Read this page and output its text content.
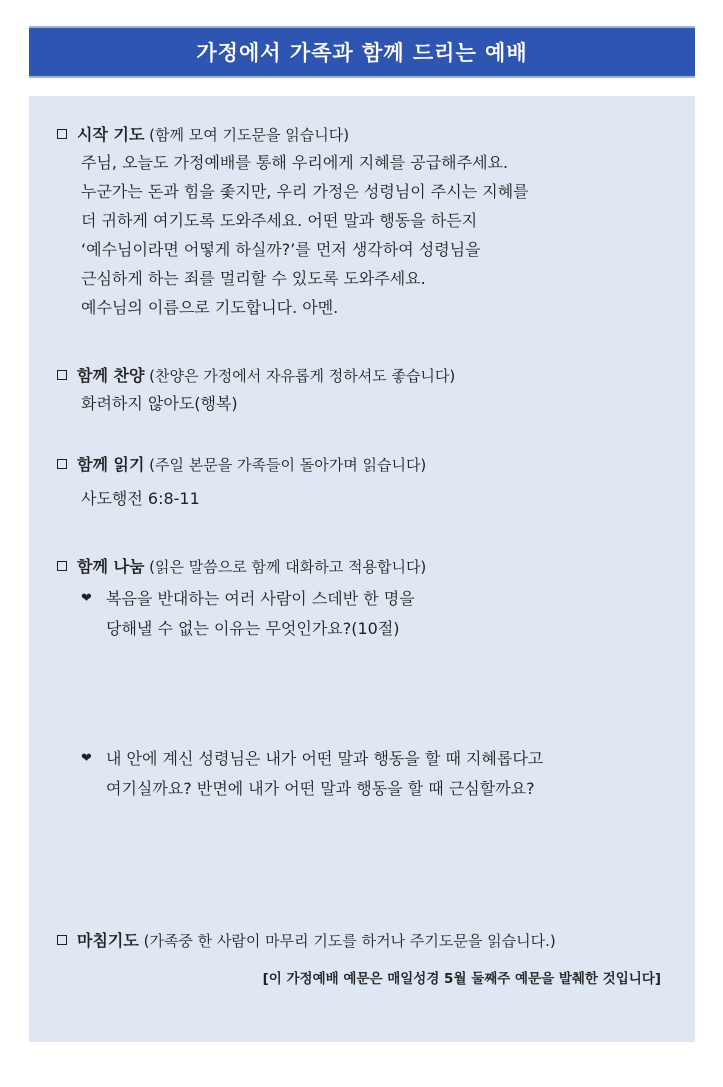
가정에서 가족과 함께 드리는 예배
시작 기도 (함께 모여 기도문을 읽습니다)
주님, 오늘도 가정예배를 통해 우리에게 지혜를 공급해주세요.
누군가는 돈과 힘을 좇지만, 우리 가정은 성령님이 주시는 지혜를
더 귀하게 여기도록 도와주세요. 어떤 말과 행동을 하든지
‘예수님이라면 어떻게 하실까?’를 먼저 생각하여 성령님을
근심하게 하는 죄를 멀리할 수 있도록 도와주세요.
예수님의 이름으로 기도합니다. 아멘.
함께 찬양 (찬양은 가정에서 자유롭게 정하셔도 좋습니다)
화려하지 않아도(행복)
함께 읽기 (주일 본문을 가족들이 돌아가며 읽습니다)
사도행전 6:8-11
함께 나눔 (읽은 말씀으로 함께 대화하고 적용합니다)
❤ 복음을 반대하는 여러 사람이 스데반 한 명을
당해낼 수 없는 이유는 무엇인가요?(10절)
❤ 내 안에 계신 성령님은 내가 어떤 말과 행동을 할 때 지혜롭다고
여기실까요? 반면에 내가 어떤 말과 행동을 할 때 근심할까요?
마침기도 (가족중 한 사람이 마무리 기도를 하거나 주기도문을 읽습니다.)
[이 가정예배 예문은 매일성경 5월 둘째주 예문을 발췌한 것입니다]
